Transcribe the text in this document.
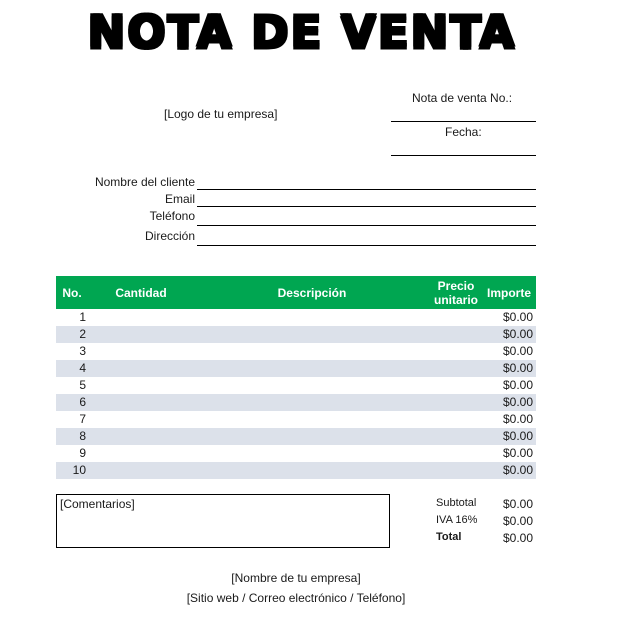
NOTA DE VENTA
[Logo de tu empresa]
Nota de venta No.:
Fecha:
Nombre del cliente
Email
Teléfono
Dirección
No.	Cantidad	Descripción	Precio unitario	Importe
1				$0.00
2				$0.00
3				$0.00
4				$0.00
5				$0.00
6				$0.00
7				$0.00
8				$0.00
9				$0.00
10				$0.00
[Comentarios]	Subtotal	$0.00
IVA 16%	$0.00
Total	$0.00
[Nombre de tu empresa]
[Sitio web / Correo electrónico / Teléfono]
